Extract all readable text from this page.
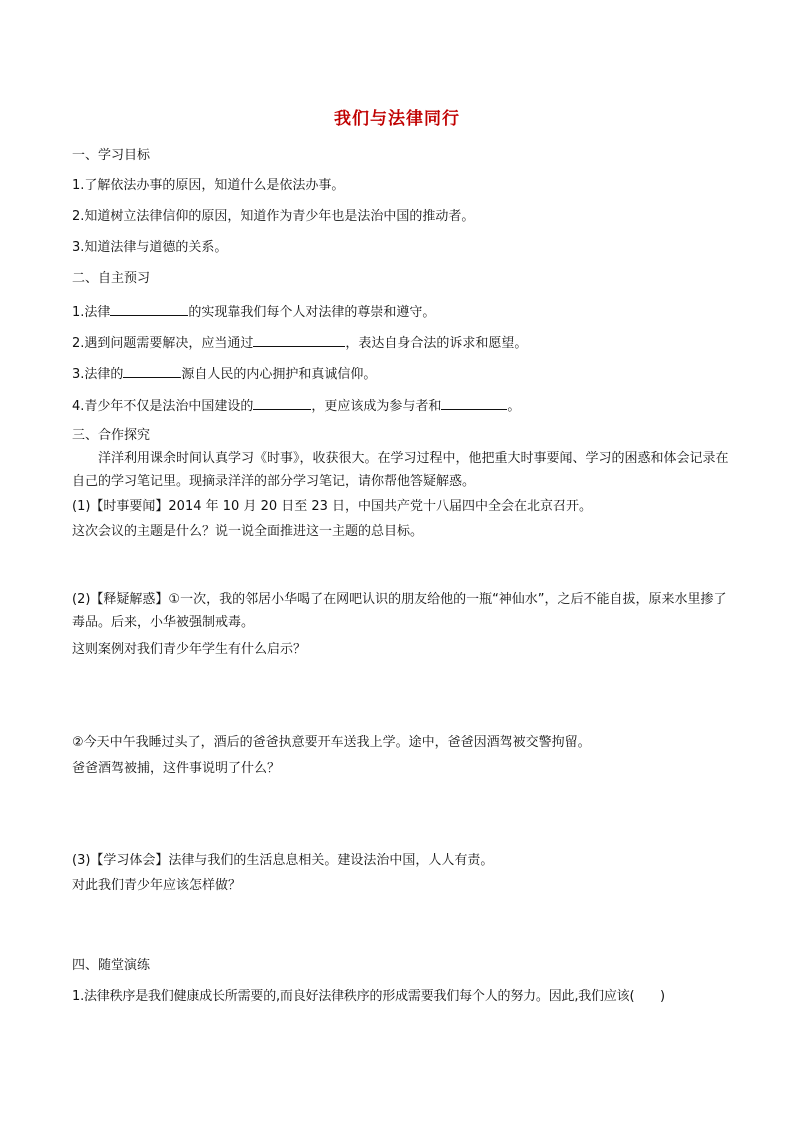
我们与法律同行
一、学习目标
1.了解依法办事的原因，知道什么是依法办事。
2.知道树立法律信仰的原因，知道作为青少年也是法治中国的推动者。
3.知道法律与道德的关系。
二、自主预习
1.法律	的实现靠我们每个人对法律的尊崇和遵守。
2.遇到问题需要解决，应当通过	，表达自身合法的诉求和愿望。
3.法律的	源自人民的内心拥护和真诚信仰。
4.青少年不仅是法治中国建设的	，更应该成为参与者和	。
三、合作探究
洋洋利用课余时间认真学习《时事》，收获很大。在学习过程中，他把重大时事要闻、学习的困惑和体会记录在自己的学习笔记里。现摘录洋洋的部分学习笔记，请你帮他答疑解惑。
(1)【时事要闻】2014 年 10 月 20 日至 23 日，中国共产党十八届四中全会在北京召开。
这次会议的主题是什么？说一说全面推进这一主题的总目标。
(2)【释疑解惑】①一次，我的邻居小华喝了在网吧认识的朋友给他的一瓶“神仙水”，之后不能自拔，原来水里掺了毒品。后来，小华被强制戒毒。
这则案例对我们青少年学生有什么启示？
②今天中午我睡过头了，酒后的爸爸执意要开车送我上学。途中，爸爸因酒驾被交警拘留。
爸爸酒驾被捕，这件事说明了什么？
(3)【学习体会】法律与我们的生活息息相关。建设法治中国，人人有责。
对此我们青少年应该怎样做？
四、随堂演练
1.法律秩序是我们健康成长所需要的,而良好法律秩序的形成需要我们每个人的努力。因此,我们应该(　　)
